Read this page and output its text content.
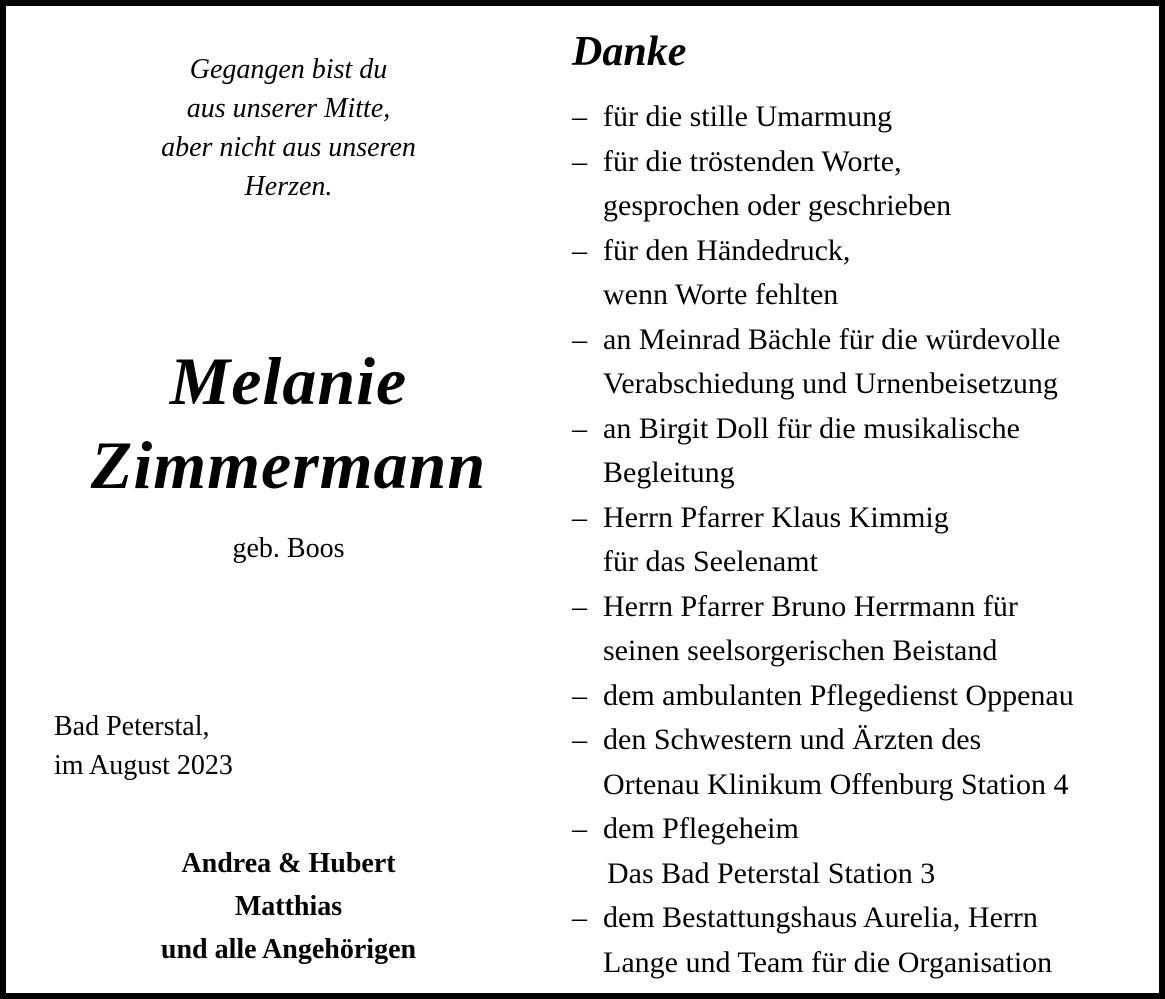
Gegangen bist du
aus unserer Mitte,
aber nicht aus unseren
Herzen.
Melanie
Zimmermann
geb. Boos
Bad Peterstal,
im August 2023
Andrea & Hubert
Matthias
und alle Angehörigen
Danke
– für die stille Umarmung
– für die tröstenden Worte,
gesprochen oder geschrieben
– für den Händedruck,
wenn Worte fehlten
– an Meinrad Bächle für die würdevolle
Verabschiedung und Urnenbeisetzung
– an Birgit Doll für die musikalische
Begleitung
– Herrn Pfarrer Klaus Kimmig
für das Seelenamt
– Herrn Pfarrer Bruno Herrmann für
seinen seelsorgerischen Beistand
– dem ambulanten Pflegedienst Oppenau
– den Schwestern und Ärzten des
Ortenau Klinikum Offenburg Station 4
– dem Pflegeheim
Das Bad Peterstal Station 3
– dem Bestattungshaus Aurelia, Herrn
Lange und Team für die Organisation
